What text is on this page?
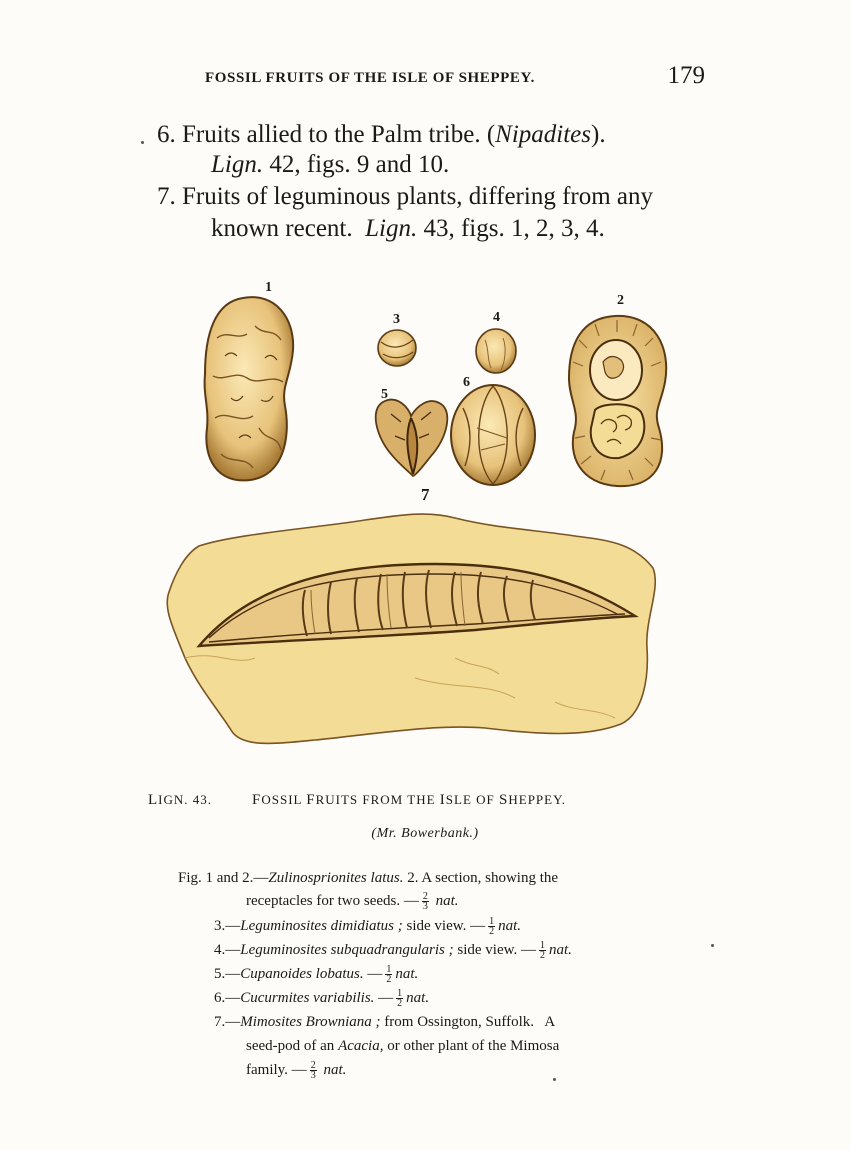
FOSSIL FRUITS OF THE ISLE OF SHEPPEY.	179
6. Fruits allied to the Palm tribe. (Nipadites).
Lign. 42, figs. 9 and 10.
7. Fruits of leguminous plants, differing from any
known recent.  Lign. 43, figs. 1, 2, 3, 4.
1
2
3	4
5
6
7
LIGN. 43.	FOSSIL FRUITS FROM THE ISLE OF SHEPPEY.
(Mr. Bowerbank.)
Fig. 1 and 2.—Zulinosprionites latus. 2. A section, showing the
receptacles for two seeds. — $\frac{2}{3}$ nat.
3.—Leguminosites dimidiatus ; side view. — $\frac{1}{2}$ nat.
4.—Leguminosites subquadrangularis ; side view. — $\frac{1}{2}$ nat.
5.—Cupanoides lobatus. — $\frac{1}{2}$ nat.
6.—Cucurmites variabilis. — $\frac{1}{2}$ nat.
7.—Mimosites Browniana ; from Ossington, Suffolk.   A
seed-pod of an Acacia, or other plant of the Mimosa
family. — $\frac{2}{3}$ nat.
